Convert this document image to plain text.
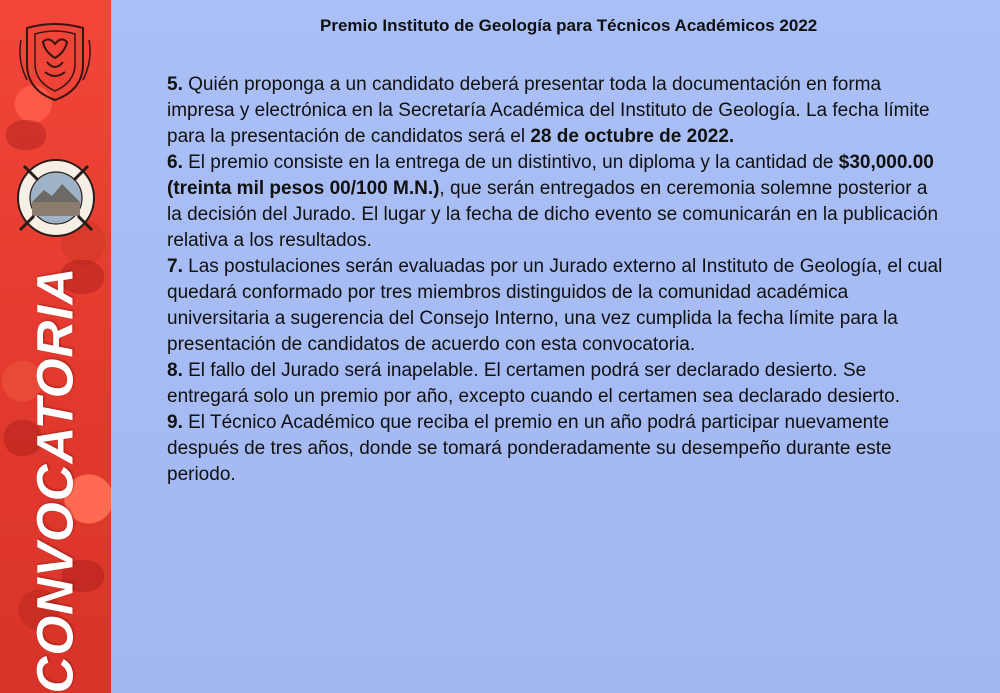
CONVOCATORIA
Premio Instituto de Geología para Técnicos Académicos 2022

5. Quién proponga a un candidato deberá presentar toda la documentación en forma impresa y electrónica en la Secretaría Académica del Instituto de Geología. La fecha límite para la presentación de candidatos será el 28 de octubre de 2022.

6. El premio consiste en la entrega de un distintivo, un diploma y la cantidad de $30,000.00 (treinta mil pesos 00/100 M.N.), que serán entregados en ceremonia solemne posterior a la decisión del Jurado. El lugar y la fecha de dicho evento se comunicarán en la publicación relativa a los resultados.

7. Las postulaciones serán evaluadas por un Jurado externo al Instituto de Geología, el cual quedará conformado por tres miembros distinguidos de la comunidad académica universitaria a sugerencia del Consejo Interno, una vez cumplida la fecha límite para la presentación de candidatos de acuerdo con esta convocatoria.

8. El fallo del Jurado será inapelable. El certamen podrá ser declarado desierto. Se entregará solo un premio por año, excepto cuando el certamen sea declarado desierto.

9. El Técnico Académico que reciba el premio en un año podrá participar nuevamente después de tres años, donde se tomará ponderadamente su desempeño durante este periodo.
